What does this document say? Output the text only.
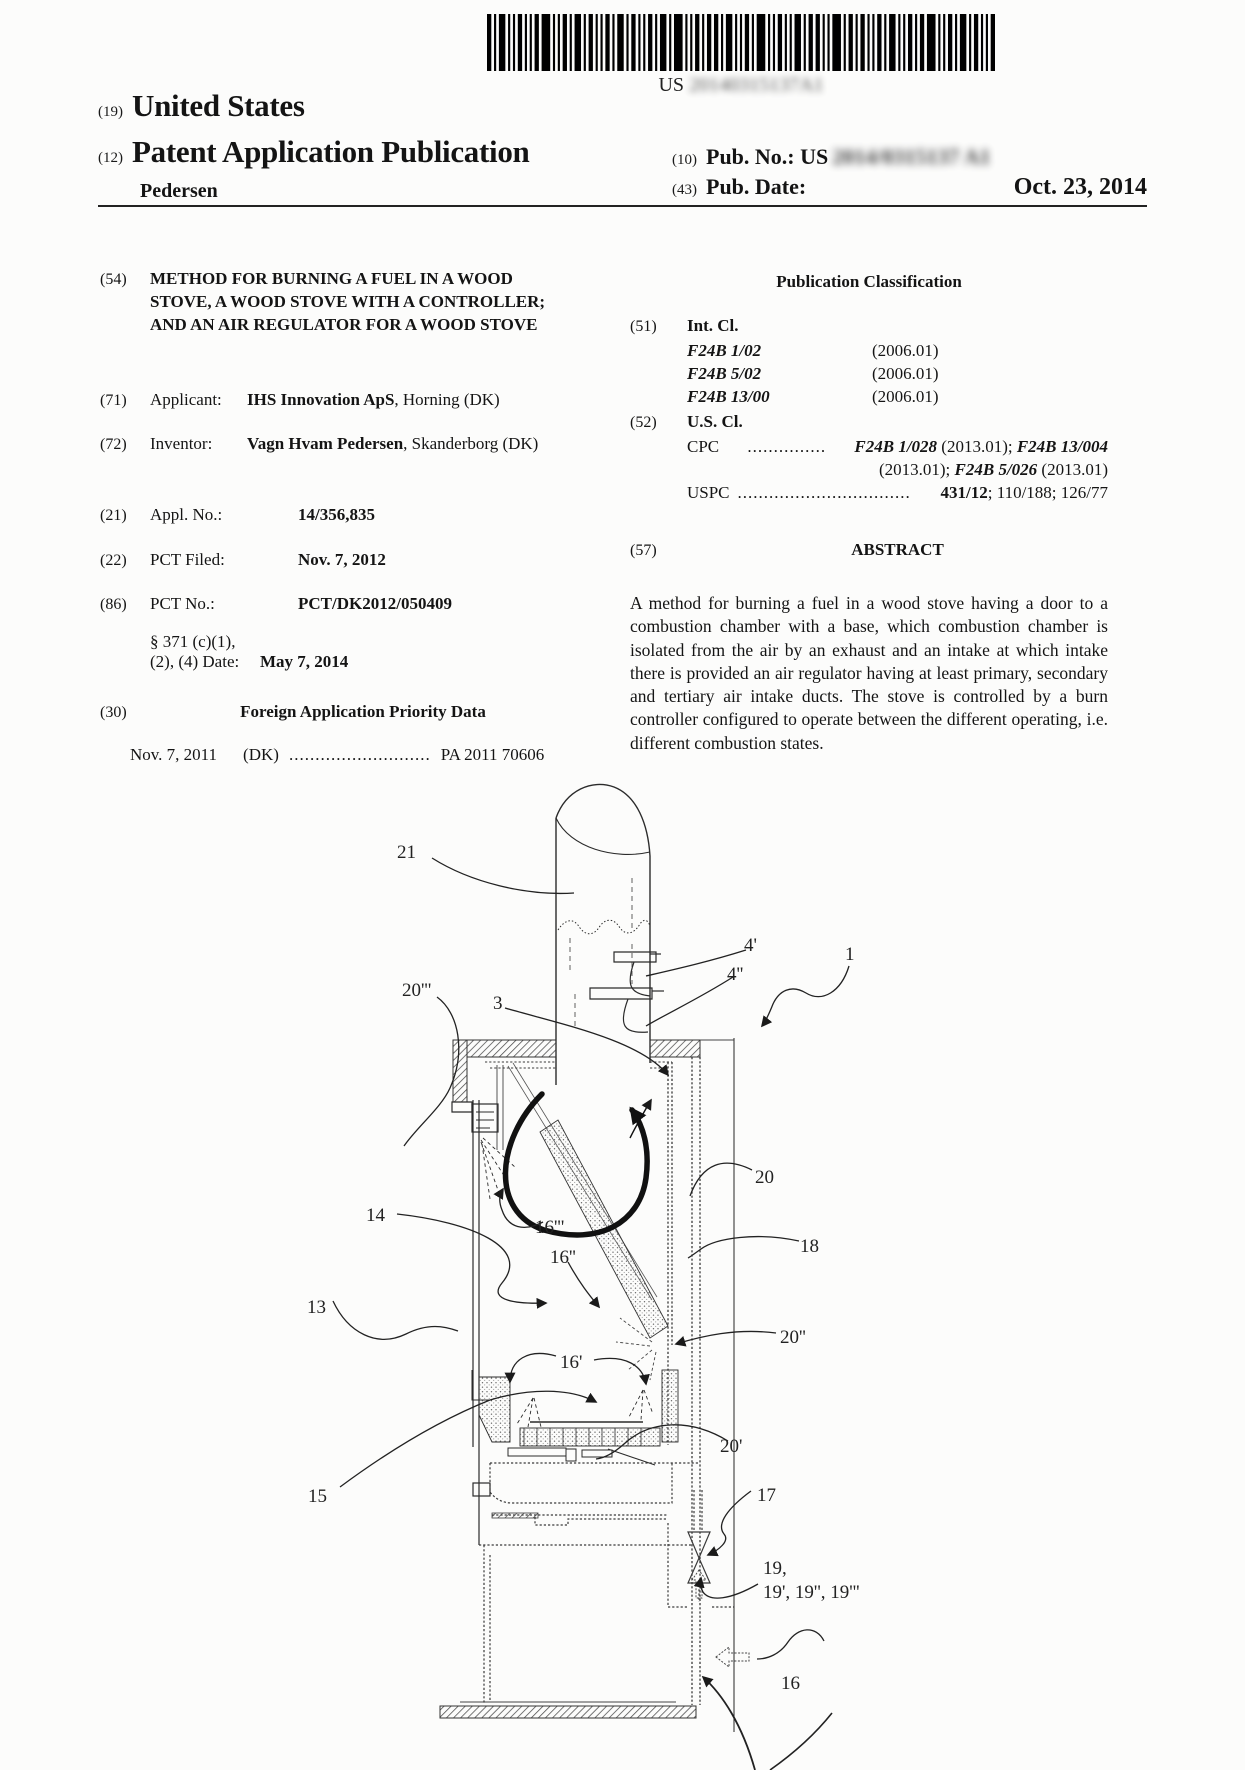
US 20140315137A1
(19) United States
(12) Patent Application Publication
Pedersen
(10) Pub. No.: US 2014/0315137 A1
(43) Pub. Date:	Oct. 23, 2014
(54)	METHOD FOR BURNING A FUEL IN A WOOD STOVE, A WOOD STOVE WITH A CONTROLLER; AND AN AIR REGULATOR FOR A WOOD STOVE
(71)	Applicant:	IHS Innovation ApS, Horning (DK)
(72)	Inventor:	Vagn Hvam Pedersen, Skanderborg (DK)
(21)	Appl. No.:	14/356,835
(22)	PCT Filed:	Nov. 7, 2012
(86)	PCT No.:	PCT/DK2012/050409
§ 371 (c)(1),
(2), (4) Date:	May 7, 2014
(30)	Foreign Application Priority Data
Nov. 7, 2011 (DK) ........................... PA 2011 70606
Publication Classification
(51)	Int. Cl.
F24B 1/02	(2006.01)
F24B 5/02	(2006.01)
F24B 13/00	(2006.01)
(52)	U.S. Cl.
CPC ............... F24B 1/028 (2013.01); F24B 13/004
(2013.01); F24B 5/026 (2013.01)
USPC .................................	431/12; 110/188; 126/77
(57)	ABSTRACT
A method for burning a fuel in a wood stove having a door to a combustion chamber with a base, which combustion chamber is isolated from the air by an exhaust and an intake at which intake there is provided an air regulator having at least primary, secondary and tertiary air intake ducts. The stove is controlled by a burn controller configured to operate between the different operating, i.e. different combustion states.
21
4'
4''
1
20'''
3
20
14
16'''
16''
18
13
16'
20''
20'
15	17
19,
19', 19'', 19'''
16
